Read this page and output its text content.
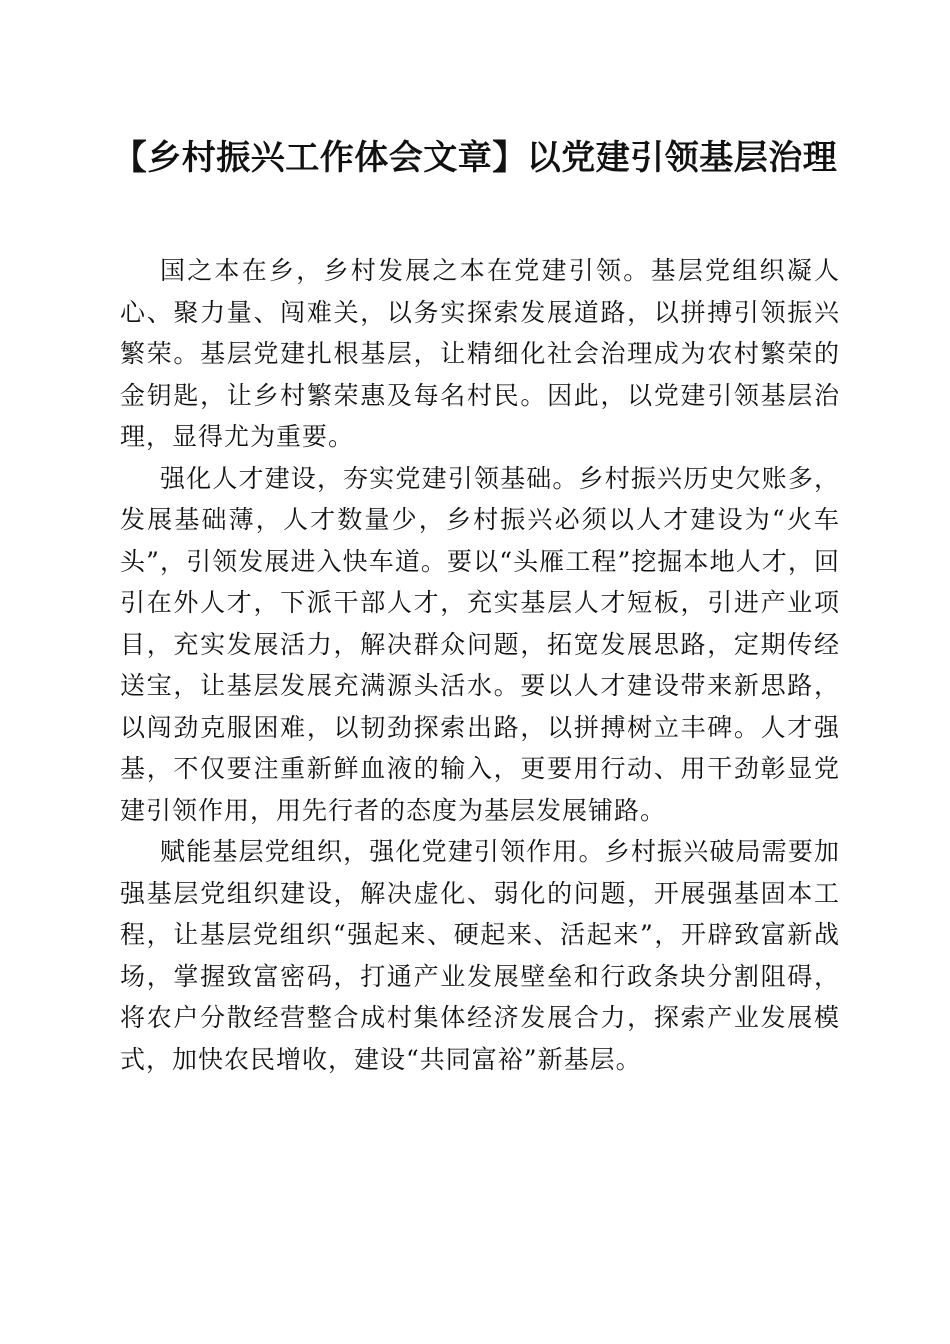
【乡村振兴工作体会文章】以党建引领基层治理

国之本在乡，乡村发展之本在党建引领。基层党组织凝人心、聚力量、闯难关，以务实探索发展道路，以拼搏引领振兴繁荣。基层党建扎根基层，让精细化社会治理成为农村繁荣的金钥匙，让乡村繁荣惠及每名村民。因此，以党建引领基层治理，显得尤为重要。

强化人才建设，夯实党建引领基础。乡村振兴历史欠账多，发展基础薄，人才数量少，乡村振兴必须以人才建设为“火车头”，引领发展进入快车道。要以“头雁工程”挖掘本地人才，回引在外人才，下派干部人才，充实基层人才短板，引进产业项目，充实发展活力，解决群众问题，拓宽发展思路，定期传经送宝，让基层发展充满源头活水。要以人才建设带来新思路，以闯劲克服困难，以韧劲探索出路，以拼搏树立丰碑。人才强基，不仅要注重新鲜血液的输入，更要用行动、用干劲彰显党建引领作用，用先行者的态度为基层发展铺路。

赋能基层党组织，强化党建引领作用。乡村振兴破局需要加强基层党组织建设，解决虚化、弱化的问题，开展强基固本工程，让基层党组织“强起来、硬起来、活起来”，开辟致富新战场，掌握致富密码，打通产业发展壁垒和行政条块分割阻碍，将农户分散经营整合成村集体经济发展合力，探索产业发展模式，加快农民增收，建设“共同富裕”新基层。
